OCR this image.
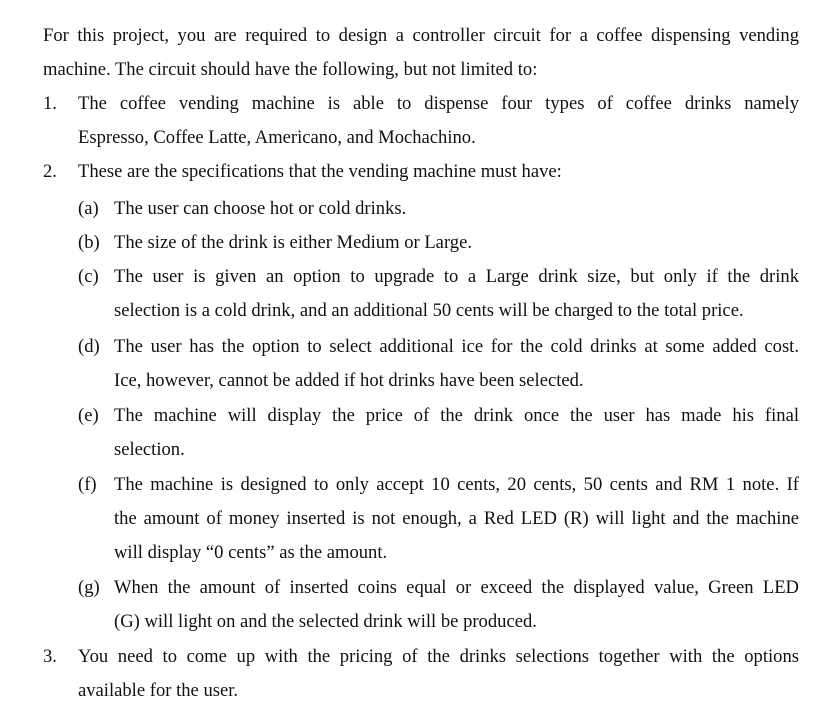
For this project, you are required to design a controller circuit for a coffee dispensing vending
machine. The circuit should have the following, but not limited to:
1. The coffee vending machine is able to dispense four types of coffee drinks namely
Espresso, Coffee Latte, Americano, and Mochachino.
2. These are the specifications that the vending machine must have:
(a) The user can choose hot or cold drinks.
(b) The size of the drink is either Medium or Large.
(c) The user is given an option to upgrade to a Large drink size, but only if the drink
selection is a cold drink, and an additional 50 cents will be charged to the total price.
(d) The user has the option to select additional ice for the cold drinks at some added cost.
Ice, however, cannot be added if hot drinks have been selected.
(e) The machine will display the price of the drink once the user has made his final
selection.
(f) The machine is designed to only accept 10 cents, 20 cents, 50 cents and RM 1 note. If
the amount of money inserted is not enough, a Red LED (R) will light and the machine
will display “0 cents” as the amount.
(g) When the amount of inserted coins equal or exceed the displayed value, Green LED
(G) will light on and the selected drink will be produced.
3. You need to come up with the pricing of the drinks selections together with the options
available for the user.
